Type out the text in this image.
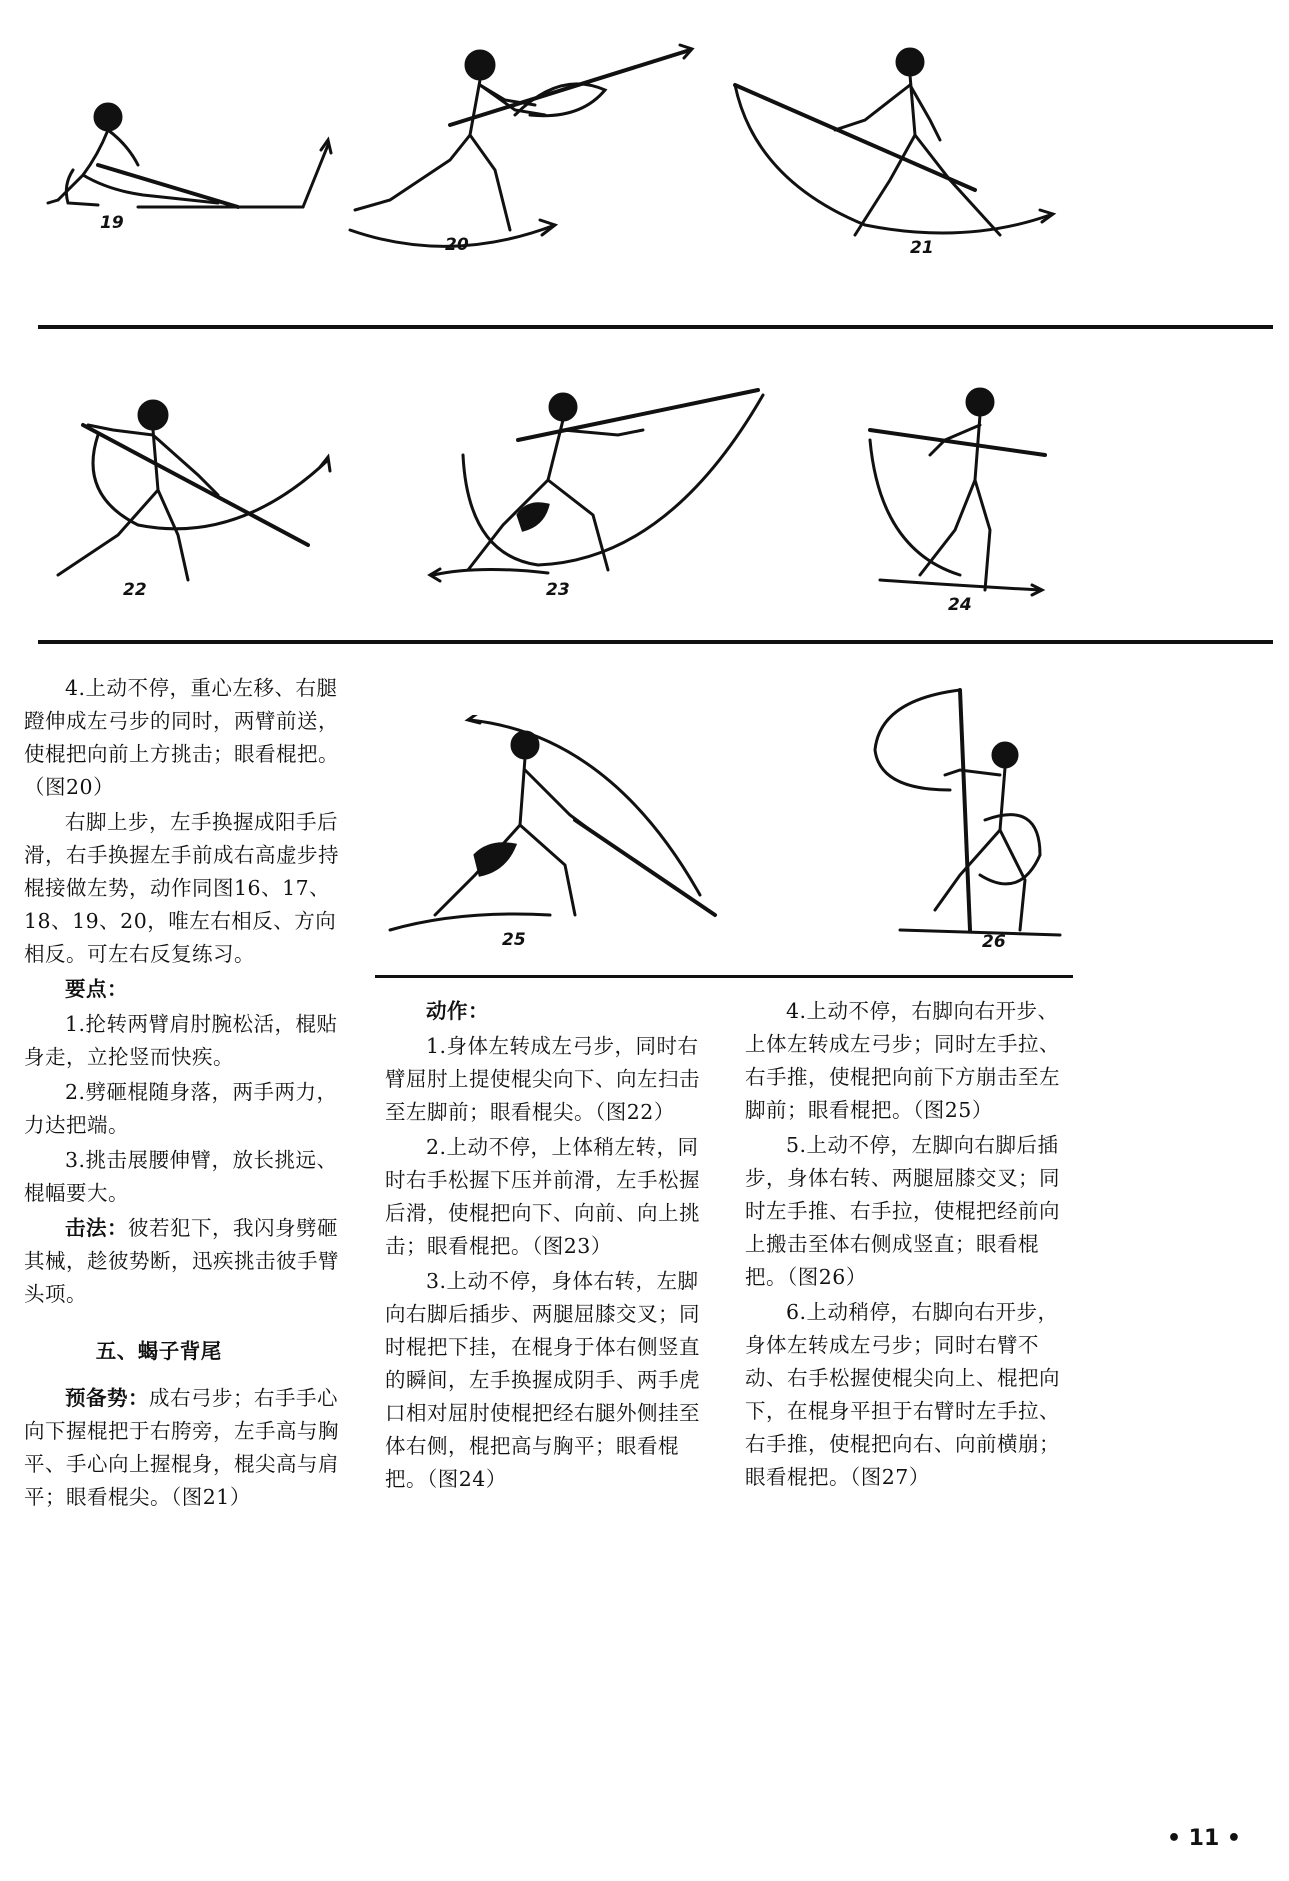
19
20	21
22	23
24
25	26

4.上动不停，重心左移、右腿蹬伸成左弓步的同时，两臂前送，使棍把向前上方挑击；眼看棍把。（图20）

右脚上步，左手换握成阳手后滑，右手换握左手前成右高虚步持棍接做左势，动作同图16、17、18、19、20，唯左右相反、方向相反。可左右反复练习。

要点：

1.抡转两臂肩肘腕松活，棍贴身走，立抡竖而快疾。

2.劈砸棍随身落，两手两力，力达把端。

3.挑击展腰伸臂，放长挑远、棍幅要大。

击法：彼若犯下，我闪身劈砸其械，趁彼势断，迅疾挑击彼手臂头项。

五、蝎子背尾

预备势：成右弓步；右手手心向下握棍把于右胯旁，左手高与胸平、手心向上握棍身，棍尖高与肩平；眼看棍尖。（图21）

动作：

1.身体左转成左弓步，同时右臂屈肘上提使棍尖向下、向左扫击至左脚前；眼看棍尖。（图22）

2.上动不停，上体稍左转，同时右手松握下压并前滑，左手松握后滑，使棍把向下、向前、向上挑击；眼看棍把。（图23）

3.上动不停，身体右转，左脚向右脚后插步、两腿屈膝交叉；同时棍把下挂，在棍身于体右侧竖直的瞬间，左手换握成阴手、两手虎口相对屈肘使棍把经右腿外侧挂至体右侧，棍把高与胸平；眼看棍把。（图24）

4.上动不停，右脚向右开步、上体左转成左弓步；同时左手拉、右手推，使棍把向前下方崩击至左脚前；眼看棍把。（图25）

5.上动不停，左脚向右脚后插步，身体右转、两腿屈膝交叉；同时左手推、右手拉，使棍把经前向上搬击至体右侧成竖直；眼看棍把。（图26）

6.上动稍停，右脚向右开步，身体左转成左弓步；同时右臂不动、右手松握使棍尖向上、棍把向下，在棍身平担于右臂时左手拉、右手推，使棍把向右、向前横崩；眼看棍把。（图27）

• 11 •
